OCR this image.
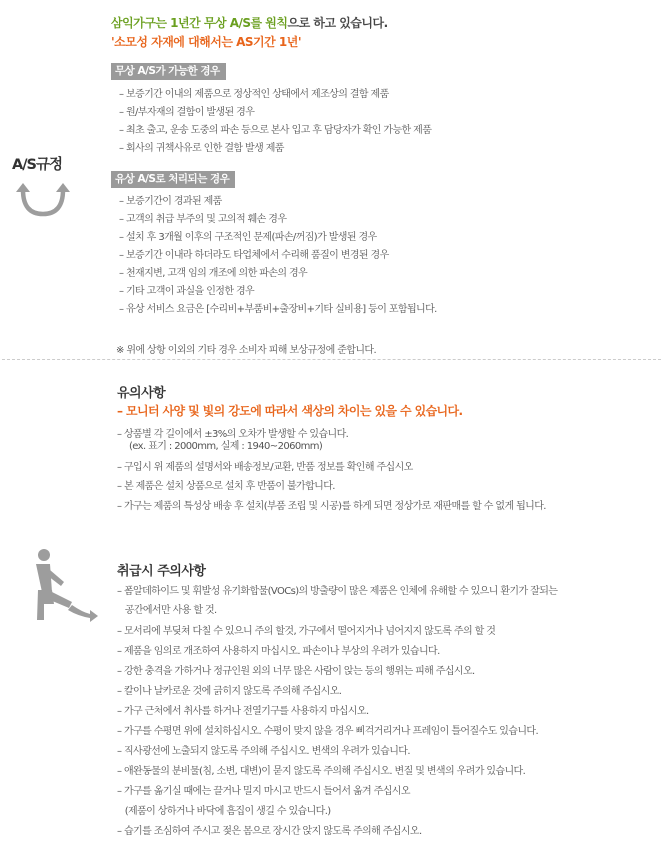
삼익가구는 1년간 무상 A/S를 원칙으로 하고 있습니다.
'소모성 자재에 대해서는 AS기간 1년'
A/S규정
무상 A/S가 가능한 경우
– 보증기간 이내의 제품으로 정상적인 상태에서 제조상의 결함 제품
– 원/부자재의 결함이 발생된 경우
– 최초 출고, 운송 도중의 파손 등으로 본사 입고 후 담당자가 확인 가능한 제품
– 회사의 귀책사유로 인한 결함 발생 제품
유상 A/S로 처리되는 경우
– 보증기간이 경과된 제품
– 고객의 취급 부주의 및 고의적 훼손 경우
– 설치 후 3개월 이후의 구조적인 문제(파손/꺼짐)가 발생된 경우
– 보증기간 이내라 하더라도 타업체에서 수리해 품질이 변경된 경우
– 천재지변, 고객 임의 개조에 의한 파손의 경우
– 기타 고객이 과실을 인정한 경우
– 유상 서비스 요금은 [수리비+부품비+출장비+기타 실비용] 등이 포함됩니다.
※ 위에 상항 이외의 기타 경우 소비자 피해 보상규정에 준합니다.
유의사항
– 모니터 사양 및 빛의 강도에 따라서 색상의 차이는 있을 수 있습니다.
– 상품별 각 길이에서 ±3%의 오차가 발생할 수 있습니다.
(ex. 표기 : 2000mm, 실제 : 1940~2060mm)
– 구입시 위 제품의 설명서와 배송정보/교환, 반품 정보를 확인해 주십시오
– 본 제품은 설치 상품으로 설치 후 반품이 불가합니다.
– 가구는 제품의 특성상 배송 후 설치(부품 조립 및 시공)를 하게 되면 정상가로 재판매를 할 수 없게 됩니다.
취급시 주의사항
– 폼알데하이드 및 휘발성 유기화합물(VOCs)의 방출량이 많은 제품은 인체에 유해할 수 있으니 환기가 잘되는
공간에서만 사용 할 것.
– 모서리에 부딪쳐 다칠 수 있으니 주의 할것, 가구에서 떨어지거나 넘어지지 않도록 주의 할 것
– 제품을 임의로 개조하여 사용하지 마십시오. 파손이나 부상의 우려가 있습니다.
– 강한 충격을 가하거나 정규인원 외의 너무 많은 사람이 앉는 등의 행위는 피해 주십시오.
– 칼이나 날카로운 것에 긁히지 않도록 주의해 주십시오.
– 가구 근처에서 취사를 하거나 전열기구를 사용하지 마십시오.
– 가구를 수평면 위에 설치하십시오. 수평이 맞지 않을 경우 삐걱거리거나 프레임이 틀어질수도 있습니다.
– 직사광선에 노출되지 않도록 주의해 주십시오. 변색의 우려가 있습니다.
– 애완동물의 분비물(침, 소변, 대변)이 묻지 않도록 주의해 주십시오. 변질 및 변색의 우려가 있습니다.
– 가구를 옮기실 때에는 끌거나 밀지 마시고 반드시 들어서 옮겨 주십시오
(제품이 상하거나 바닥에 흠집이 생길 수 있습니다.)
– 습기를 조심하여 주시고 젖은 몸으로 장시간 앉지 않도록 주의해 주십시오.
